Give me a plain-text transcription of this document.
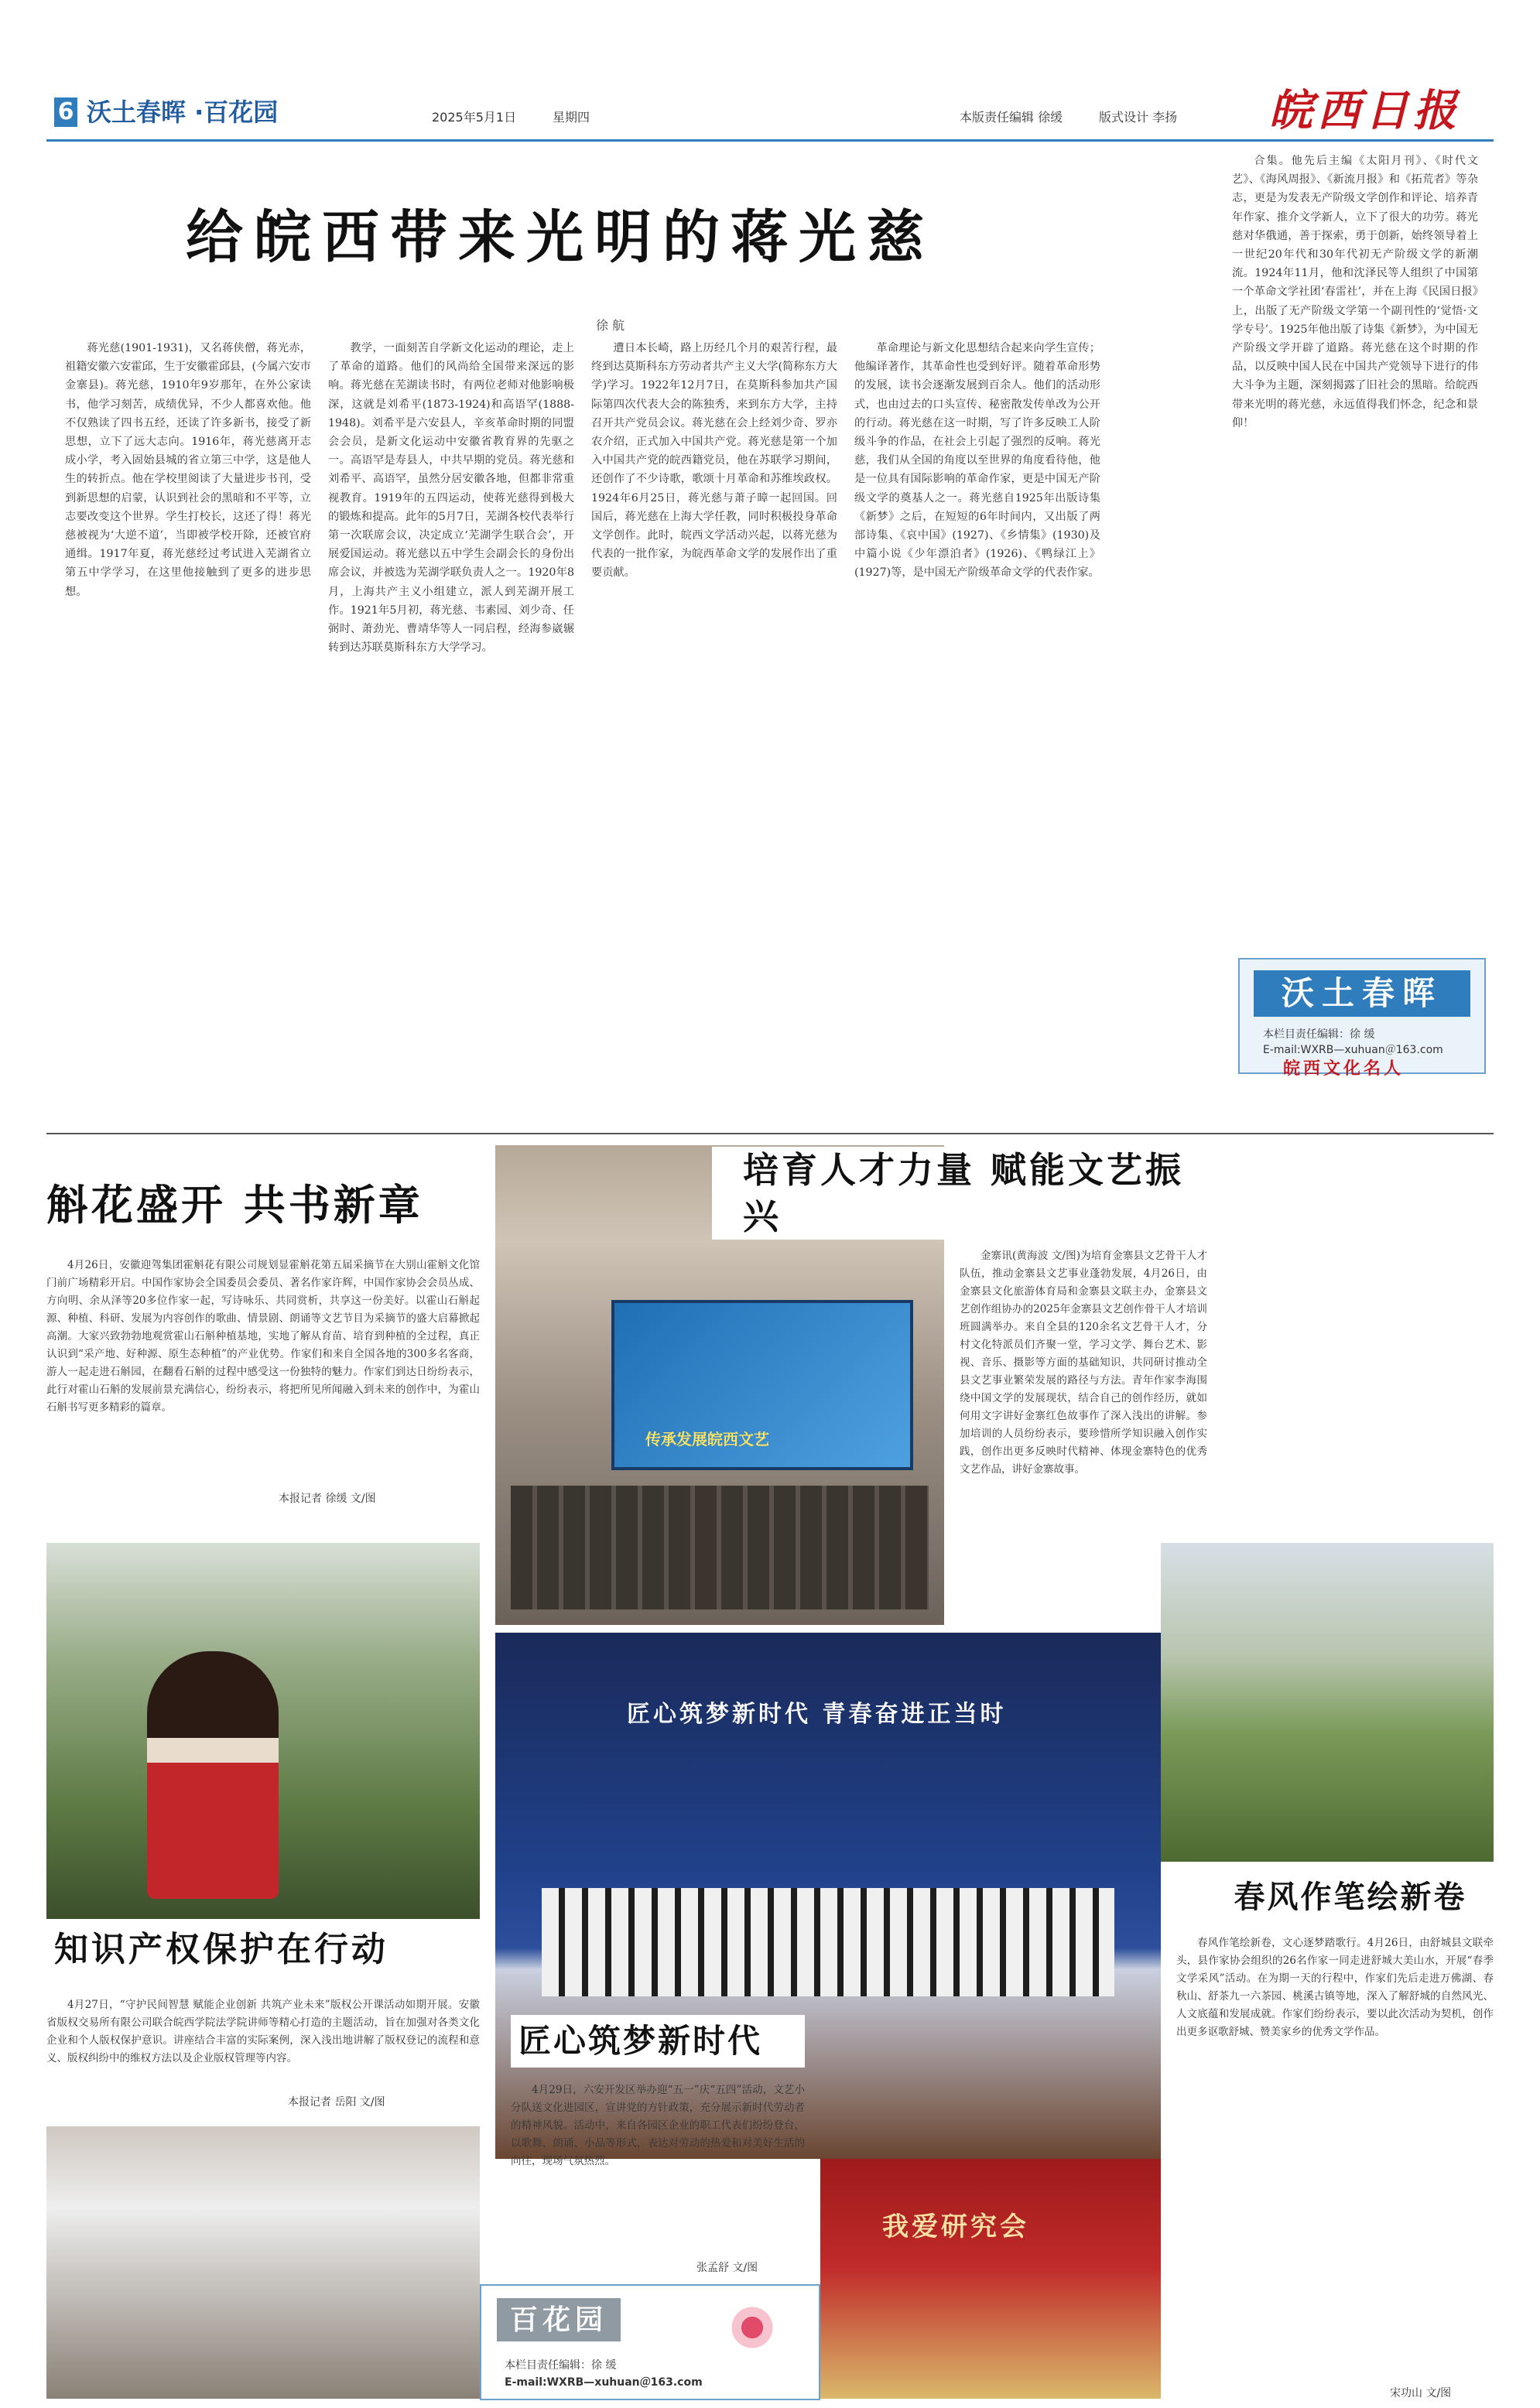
6 沃土春晖 ·百花园	2025年5月1日	星期四	本版责任编辑 徐缓	版式设计 李扬 皖西日报
给皖西带来光明的蒋光慈
徐 航

蒋光慈(1901-1931)，又名蒋侠僧，蒋光赤，祖籍安徽六安霍邱，生于安徽霍邱县，(今属六安市金寨县)。蒋光慈，1910年9岁那年，在外公家读书，他学习刻苦，成绩优异，不少人都喜欢他。他不仅熟读了四书五经，还读了许多新书，接受了新思想，立下了远大志向。1916年，蒋光慈离开志成小学，考入固始县城的省立第三中学，这是他人生的转折点。他在学校里阅读了大量进步书刊，受到新思想的启蒙，认识到社会的黑暗和不平等，立志要改变这个世界。学生打校长，这还了得！蒋光慈被视为‘大逆不道’，当即被学校开除，还被官府通缉。1917年夏，蒋光慈经过考试进入芜湖省立第五中学学习，在这里他接触到了更多的进步思想。

教学，一面刻苦自学新文化运动的理论，走上了革命的道路。他们的风尚给全国带来深远的影响。蒋光慈在芜湖读书时，有两位老师对他影响极深，这就是刘希平(1873-1924)和高语罕(1888-1948)。刘希平是六安县人，辛亥革命时期的同盟会会员，是新文化运动中安徽省教育界的先驱之一。高语罕是寿县人，中共早期的党员。蒋光慈和刘希平、高语罕，虽然分居安徽各地，但都非常重视教育。1919年的五四运动，使蒋光慈得到极大的锻炼和提高。此年的5月7日，芜湖各校代表举行第一次联席会议，决定成立‘芜湖学生联合会’，开展爱国运动。蒋光慈以五中学生会副会长的身份出席会议，并被选为芜湖学联负责人之一。1920年8月，上海共产主义小组建立，派人到芜湖开展工作。1921年5月初，蒋光慈、韦素园、刘少奇、任弼时、萧劲光、曹靖华等人一同启程，经海参崴辗转到达苏联莫斯科东方大学学习。

遭日本长崎，路上历经几个月的艰苦行程，最终到达莫斯科东方劳动者共产主义大学(简称东方大学)学习。1922年12月7日，在莫斯科参加共产国际第四次代表大会的陈独秀，来到东方大学，主持召开共产党员会议。蒋光慈在会上经刘少奇、罗亦农介绍，正式加入中国共产党。蒋光慈是第一个加入中国共产党的皖西籍党员，他在苏联学习期间，还创作了不少诗歌，歌颂十月革命和苏维埃政权。1924年6月25日，蒋光慈与萧子暲一起回国。回国后，蒋光慈在上海大学任教，同时积极投身革命文学创作。此时，皖西文学活动兴起，以蒋光慈为代表的一批作家，为皖西革命文学的发展作出了重要贡献。

革命理论与新文化思想结合起来向学生宣传；他编译著作，其革命性也受到好评。随着革命形势的发展，读书会逐渐发展到百余人。他们的活动形式，也由过去的口头宣传、秘密散发传单改为公开的行动。蒋光慈在这一时期，写了许多反映工人阶级斗争的作品，在社会上引起了强烈的反响。蒋光慈，我们从全国的角度以至世界的角度看待他，他是一位具有国际影响的革命作家，更是中国无产阶级文学的奠基人之一。蒋光慈自1925年出版诗集《新梦》之后，在短短的6年时间内，又出版了两部诗集、《哀中国》(1927)、《乡情集》(1930)及中篇小说《少年漂泊者》(1926)、《鸭绿江上》(1927)等，是中国无产阶级革命文学的代表作家。

合集。他先后主编《太阳月刊》、《时代文艺》、《海风周报》、《新流月报》和《拓荒者》等杂志，更是为发表无产阶级文学创作和评论、培养青年作家、推介文学新人，立下了很大的功劳。蒋光慈对华俄通，善于探索，勇于创新，始终领导着上一世纪20年代和30年代初无产阶级文学的新潮流。1924年11月，他和沈泽民等人组织了中国第一个革命文学社团‘春雷社’，并在上海《民国日报》上，出版了无产阶级文学第一个副刊性的‘觉悟·文学专号’。1925年他出版了诗集《新梦》，为中国无产阶级文学开辟了道路。蒋光慈在这个时期的作品，以反映中国人民在中国共产党领导下进行的伟大斗争为主题，深刻揭露了旧社会的黑暗。给皖西带来光明的蒋光慈，永远值得我们怀念，纪念和景仰！

沃土春晖
本栏目责任编辑：徐 缓
E-mail:WXRB—xuhuan＠163.com
皖西文化名人
斛花盛开 共书新章

4月26日，安徽迎驾集团霍斛花有限公司规划显霍斛花第五届采摘节在大别山霍斛文化馆门前广场精彩开启。中国作家协会全国委员会委员、著名作家许辉，中国作家协会会员丛成、方向明、余从泽等20多位作家一起，写诗咏乐、共同赏析，共享这一份美好。以霍山石斛起源、种植、科研、发展为内容创作的歌曲、情景剧、朗诵等文艺节目为采摘节的盛大启幕掀起高潮。大家兴致勃勃地观赏霍山石斛种植基地，实地了解从育苗、培育到种植的全过程，真正认识到“采产地、好种源、原生态种植”的产业优势。作家们和来自全国各地的300多名客商，游人一起走进石斛园，在翻看石斛的过程中感受这一份独特的魅力。作家们到达日纷纷表示，此行对霍山石斛的发展前景充满信心，纷纷表示，将把所见所闻融入到未来的创作中，为霍山石斛书写更多精彩的篇章。

本报记者 徐缓 文/图
传承发展皖西文艺
培育人才力量 赋能文艺振兴

金寨讯(黄海波 文/图)为培育金寨县文艺骨干人才队伍，推动金寨县文艺事业蓬勃发展，4月26日，由金寨县文化旅游体育局和金寨县文联主办，金寨县文艺创作组协办的2025年金寨县文艺创作骨干人才培训班圆满举办。来自全县的120余名文艺骨干人才，分村文化特派员们齐聚一堂，学习文学、舞台艺术、影视、音乐、摄影等方面的基础知识，共同研讨推动全县文艺事业繁荣发展的路径与方法。青年作家李海围绕中国文学的发展现状，结合自己的创作经历，就如何用文字讲好金寨红色故事作了深入浅出的讲解。参加培训的人员纷纷表示，要珍惜所学知识融入创作实践，创作出更多反映时代精神、体现金寨特色的优秀文艺作品，讲好金寨故事。

匠心筑梦新时代 青春奋进正当时
知识产权保护在行动

4月27日，“守护民间智慧 赋能企业创新 共筑产业未来”版权公开课活动如期开展。安徽省版权交易所有限公司联合皖西学院法学院讲师等精心打造的主题活动，旨在加强对各类文化企业和个人版权保护意识。讲座结合丰富的实际案例，深入浅出地讲解了版权登记的流程和意义、版权纠纷中的维权方法以及企业版权管理等内容。

本报记者 岳阳 文/图
匠心筑梦新时代

4月29日，六安开发区举办迎“五一”庆“五四”活动，文艺小分队送文化进园区，宣讲党的方针政策，充分展示新时代劳动者的精神风貌。活动中，来自各园区企业的职工代表们纷纷登台，以歌舞、朗诵、小品等形式，表达对劳动的热爱和对美好生活的向往，现场气氛热烈。

张孟舒 文/图
我爱研究会
百花园
本栏目责任编辑：徐 缓
E-mail:WXRB—xuhuan＠163.com
春风作笔绘新卷

春风作笔绘新卷，文心逐梦踏歌行。4月26日，由舒城县文联牵头，县作家协会组织的26名作家一同走进舒城大美山水，开展“春季文学采风”活动。在为期一天的行程中，作家们先后走进万佛湖、春秋山、舒茶九一六茶园、桃溪古镇等地，深入了解舒城的自然风光、人文底蕴和发展成就。作家们纷纷表示，要以此次活动为契机，创作出更多讴歌舒城、赞美家乡的优秀文学作品。

宋功山 文/图
